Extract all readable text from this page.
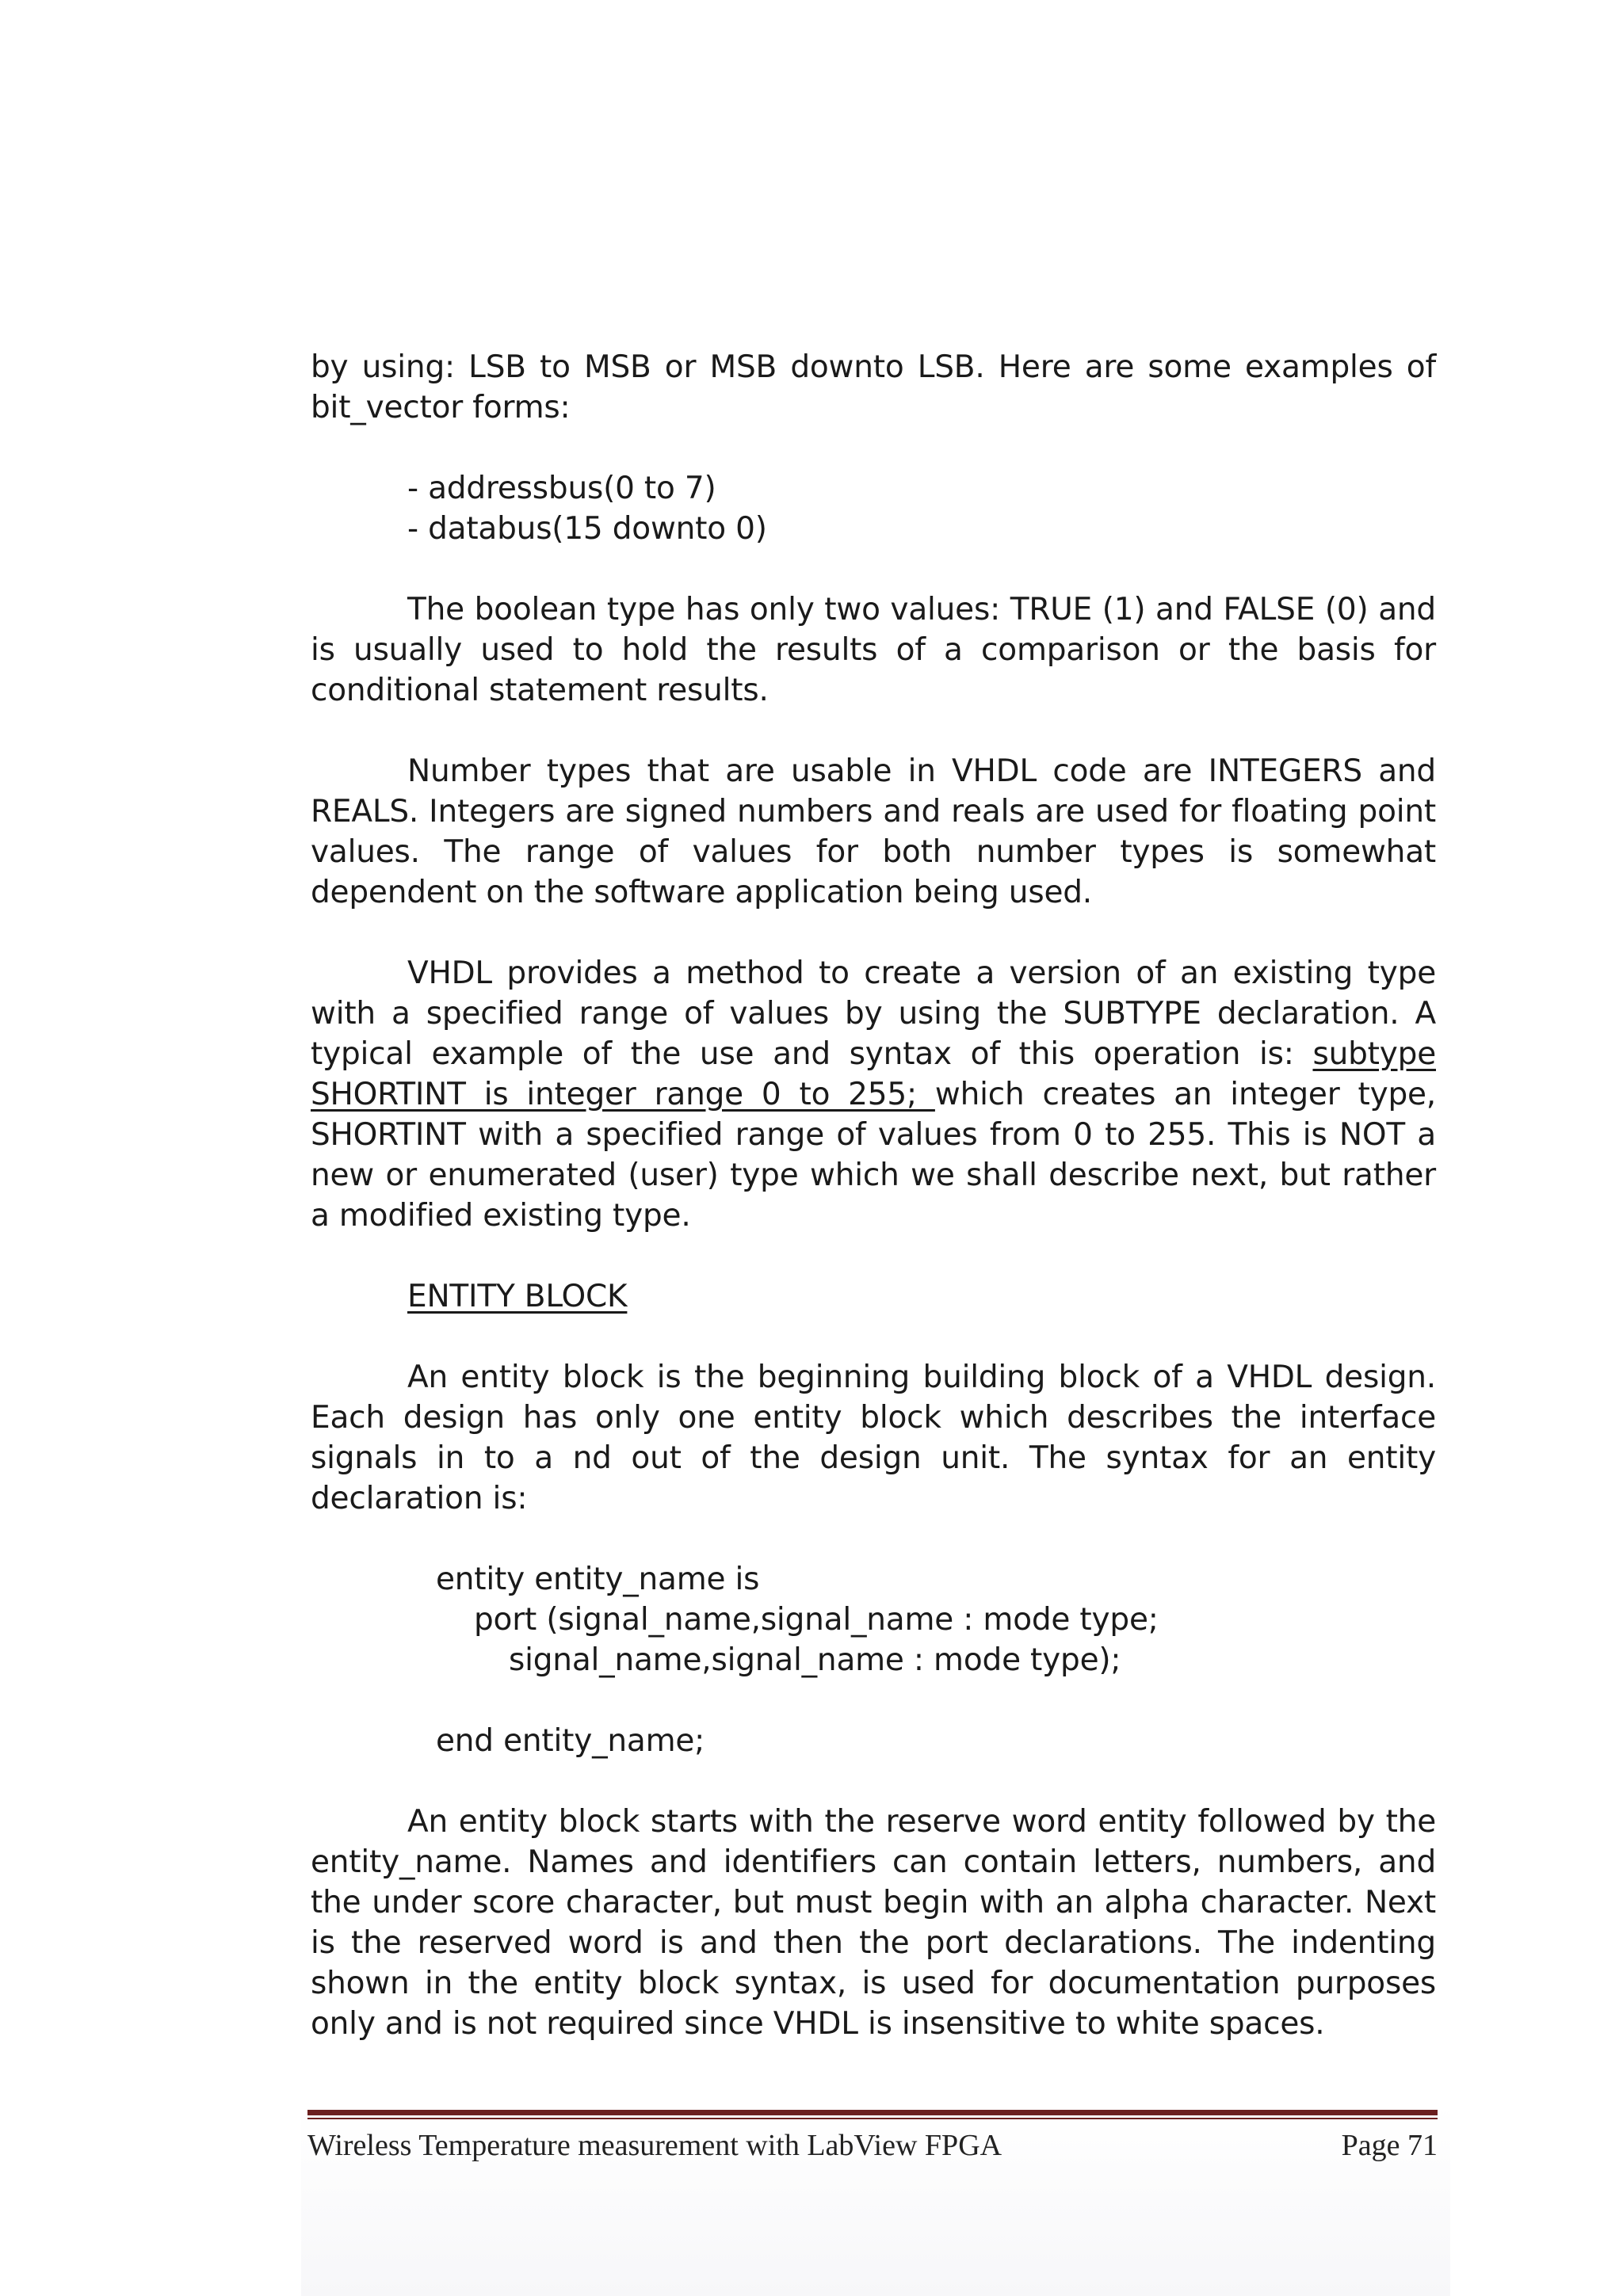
by using: LSB to MSB or MSB downto LSB. Here are some examples of bit_vector forms:

- addressbus(0 to 7)
- databus(15 downto 0)

The boolean type has only two values: TRUE (1) and FALSE (0) and is usually used to hold the results of a comparison or the basis for conditional statement results.

Number types that are usable in VHDL code are INTEGERS and REALS. Integers are signed numbers and reals are used for floating point values. The range of values for both number types is somewhat dependent on the software application being used.

VHDL provides a method to create a version of an existing type with a specified range of values by using the SUBTYPE declaration. A typical example of the use and syntax of this operation is: subtype SHORTINT is integer range 0 to 255; which creates an integer type, SHORTINT with a specified range of values from 0 to 255. This is NOT a new or enumerated (user) type which we shall describe next, but rather a modified existing type.

ENTITY BLOCK

An entity block is the beginning building block of a VHDL design. Each design has only one entity block which describes the interface signals in to a nd out of the design unit. The syntax for an entity declaration is:

entity entity_name is
port (signal_name,signal_name : mode type;
signal_name,signal_name : mode type);
end entity_name;

An entity block starts with the reserve word entity followed by the entity_name. Names and identifiers can contain letters, numbers, and the under score character, but must begin with an alpha character. Next is the reserved word is and then the port declarations. The indenting shown in the entity block syntax, is used for documentation purposes only and is not required since VHDL is insensitive to white spaces.

Wireless Temperature measurement with LabView FPGA	Page 71
